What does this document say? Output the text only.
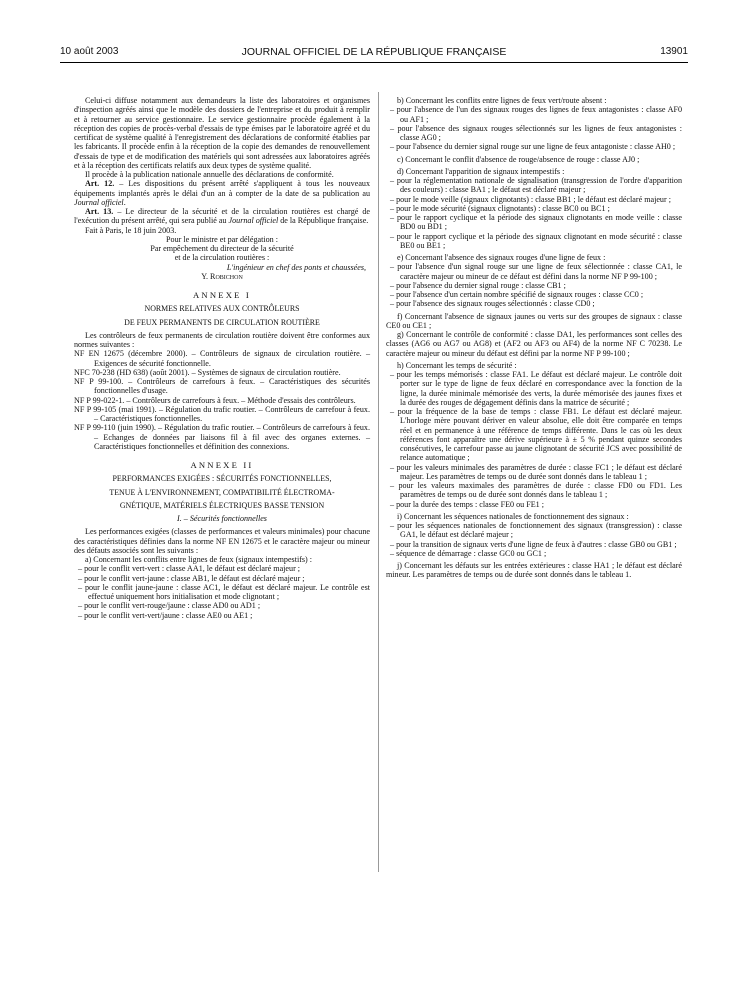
10 août 2003	JOURNAL OFFICIEL DE LA RÉPUBLIQUE FRANÇAISE	13901

Celui-ci diffuse notamment aux demandeurs la liste des laboratoires et organismes d'inspection agréés ainsi que le modèle des dossiers de l'entreprise et du produit à remplir et à retourner au service gestionnaire. Le service gestionnaire procède également à la réception des copies de procès-verbal d'essais de type émises par le laboratoire agréé et du certificat de système qualité à l'enregistrement des déclarations de conformité établies par les fabricants. Il procède enfin à la réception de la copie des demandes de renouvellement d'essais de type et de modification des matériels qui sont adressées aux laboratoires agréés et à la réception des certificats relatifs aux deux types de système qualité.

Il procède à la publication nationale annuelle des déclarations de conformité.

Art. 12. – Les dispositions du présent arrêté s'appliquent à tous les nouveaux équipements implantés après le délai d'un an à compter de la date de sa publication au Journal officiel.

Art. 13. – Le directeur de la sécurité et de la circulation routières est chargé de l'exécution du présent arrêté, qui sera publié au Journal officiel de la République française.

Fait à Paris, le 18 juin 2003.

Pour le ministre et par délégation :

Par empêchement du directeur de la sécurité

et de la circulation routières :

L'ingénieur en chef des ponts et chaussées,

Y. Robichon

ANNEXE I

NORMES RELATIVES AUX CONTRÔLEURS

DE FEUX PERMANENTS DE CIRCULATION ROUTIÈRE

Les contrôleurs de feux permanents de circulation routière doivent être conformes aux normes suivantes :

NF EN 12675 (décembre 2000). – Contrôleurs de signaux de circulation routière. – Exigences de sécurité fonctionnelle.

NFC 70-238 (HD 638) (août 2001). – Systèmes de signaux de circulation routière.

NF P 99-100. – Contrôleurs de carrefours à feux. – Caractéristiques des sécurités fonctionnelles d'usage.

NF P 99-022-1. – Contrôleurs de carrefours à feux. – Méthode d'essais des contrôleurs.

NF P 99-105 (mai 1991). – Régulation du trafic routier. – Contrôleurs de carrefour à feux. – Caractéristiques fonctionnelles.

NF P 99-110 (juin 1990). – Régulation du trafic routier. – Contrôleurs de carrefours à feux. – Echanges de données par liaisons fil à fil avec des organes externes. – Caractéristiques fonctionnelles et définition des connexions.

ANNEXE II

PERFORMANCES EXIGÉES : SÉCURITÉS FONCTIONNELLES,

TENUE À L'ENVIRONNEMENT, COMPATIBILITÉ ÉLECTROMA-

GNÉTIQUE, MATÉRIELS ÉLECTRIQUES BASSE TENSION

I. – Sécurités fonctionnelles

Les performances exigées (classes de performances et valeurs minimales) pour chacune des caractéristiques définies dans la norme NF EN 12675 et le caractère majeur ou mineur des défauts associés sont les suivants :

a) Concernant les conflits entre lignes de feux (signaux intempestifs) :

– pour le conflit vert-vert : classe AA1, le défaut est déclaré majeur ;

– pour le conflit vert-jaune : classe AB1, le défaut est déclaré majeur ;

– pour le conflit jaune-jaune : classe AC1, le défaut est déclaré majeur. Le contrôle est effectué uniquement hors initialisation et mode clignotant ;

– pour le conflit vert-rouge/jaune : classe AD0 ou AD1 ;

– pour le conflit vert-vert/jaune : classe AE0 ou AE1 ;

b) Concernant les conflits entre lignes de feux vert/route absent :

– pour l'absence de l'un des signaux rouges des lignes de feux antagonistes : classe AF0 ou AF1 ;

– pour l'absence des signaux rouges sélectionnés sur les lignes de feux antagonistes : classe AG0 ;

– pour l'absence du dernier signal rouge sur une ligne de feux antagoniste : classe AH0 ;

c) Concernant le conflit d'absence de rouge/absence de rouge : classe AJ0 ;

d) Concernant l'apparition de signaux intempestifs :

– pour la réglementation nationale de signalisation (transgression de l'ordre d'apparition des couleurs) : classe BA1 ; le défaut est déclaré majeur ;

– pour le mode veille (signaux clignotants) : classe BB1 ; le défaut est déclaré majeur ;

– pour le mode sécurité (signaux clignotants) : classe BC0 ou BC1 ;

– pour le rapport cyclique et la période des signaux clignotants en mode veille : classe BD0 ou BD1 ;

– pour le rapport cyclique et la période des signaux clignotant en mode sécurité : classe BE0 ou BE1 ;

e) Concernant l'absence des signaux rouges d'une ligne de feux :

– pour l'absence d'un signal rouge sur une ligne de feux sélectionnée : classe CA1, le caractère majeur ou mineur de ce défaut est défini dans la norme NF P 99-100 ;

– pour l'absence du dernier signal rouge : classe CB1 ;

– pour l'absence d'un certain nombre spécifié de signaux rouges : classe CC0 ;

– pour l'absence des signaux rouges sélectionnés : classe CD0 ;

f) Concernant l'absence de signaux jaunes ou verts sur des groupes de signaux : classe CE0 ou CE1 ;

g) Concernant le contrôle de conformité : classe DA1, les performances sont celles des classes (AG6 ou AG7 ou AG8) et (AF2 ou AF3 ou AF4) de la norme NF C 70238. Le caractère majeur ou mineur du défaut est défini par la norme NF P 99-100 ;

h) Concernant les temps de sécurité :

– pour les temps mémorisés : classe FA1. Le défaut est déclaré majeur. Le contrôle doit porter sur le type de ligne de feux déclaré en correspondance avec la fonction de la ligne, la durée minimale mémorisée des verts, la durée mémorisée des jaunes fixes et la durée des rouges de dégagement définis dans la matrice de sécurité ;

– pour la fréquence de la base de temps : classe FB1. Le défaut est déclaré majeur. L'horloge mère pouvant dériver en valeur absolue, elle doit être comparée en temps réel et en permanence à une référence de temps différente. Dans le cas où les deux références font apparaître une dérive supérieure à ± 5 % pendant quinze secondes consécutives, le carrefour passe au jaune clignotant de sécurité JCS avec possibilité de relance automatique ;

– pour les valeurs minimales des paramètres de durée : classe FC1 ; le défaut est déclaré majeur. Les paramètres de temps ou de durée sont donnés dans le tableau 1 ;

– pour les valeurs maximales des paramètres de durée : classe FD0 ou FD1. Les paramètres de temps ou de durée sont donnés dans le tableau 1 ;

– pour la durée des temps : classe FE0 ou FE1 ;

i) Concernant les séquences nationales de fonctionnement des signaux :

– pour les séquences nationales de fonctionnement des signaux (transgression) : classe GA1, le défaut est déclaré majeur ;

– pour la transition de signaux verts d'une ligne de feux à d'autres : classe GB0 ou GB1 ;

– séquence de démarrage : classe GC0 ou GC1 ;

j) Concernant les défauts sur les entrées extérieures : classe HA1 ; le défaut est déclaré mineur. Les paramètres de temps ou de durée sont donnés dans le tableau 1.
